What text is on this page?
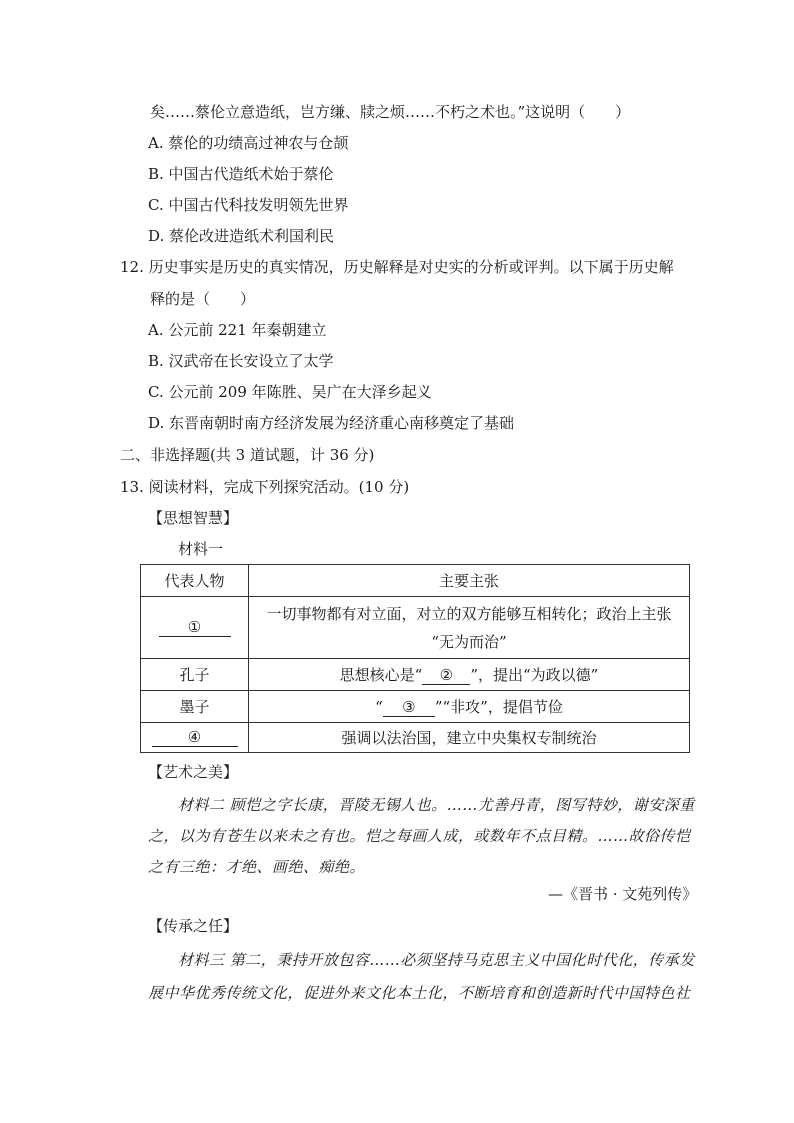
矣……蔡伦立意造纸，岂方缣、牍之烦……不朽之术也。”这说明（　　）
A. 蔡伦的功绩高过神农与仓颉
B. 中国古代造纸术始于蔡伦
C. 中国古代科技发明领先世界
D. 蔡伦改进造纸术利国利民
12. 历史事实是历史的真实情况，历史解释是对史实的分析或评判。以下属于历史解
释的是（　　）
A. 公元前 221 年秦朝建立
B. 汉武帝在长安设立了太学
C. 公元前 209 年陈胜、吴广在大泽乡起义
D. 东晋南朝时南方经济发展为经济重心南移奠定了基础
二、非选择题(共 3 道试题，计 36 分)
13. 阅读材料，完成下列探究活动。(10 分)
【思想智慧】
材料一
代表人物	主要主张
①	一切事物都有对立面，对立的双方能够互相转化；政治上主张
“无为而治”

孔子	思想核心是“ ② ”，提出“为政以德”
墨子	“ ③ ”“非攻”，提倡节俭
④	强调以法治国，建立中央集权专制统治
【艺术之美】
材料二 顾恺之字长康，晋陵无锡人也。……尤善丹青，图写特妙，谢安深重
之，以为有苍生以来未之有也。恺之每画人成，或数年不点目精。……故俗传恺
之有三绝：才绝、画绝、痴绝。
—《晋书 · 文苑列传》
【传承之任】
材料三 第二，秉持开放包容……必须坚持马克思主义中国化时代化，传承发
展中华优秀传统文化，促进外来文化本土化，不断培育和创造新时代中国特色社
